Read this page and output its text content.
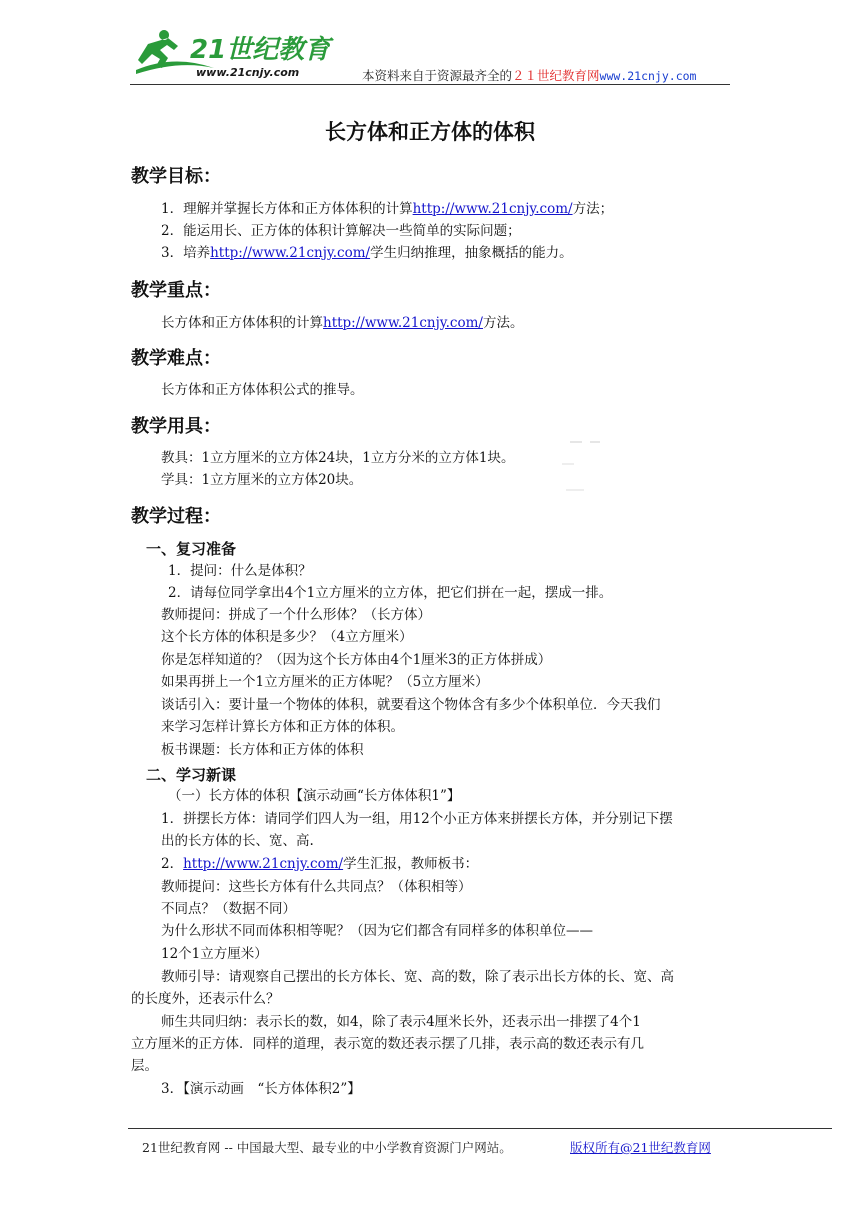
21世纪教育
www.21cnjy.com	本资料来自于资源最齐全的２１世纪教育网www.21cnjy.com
长方体和正方体的体积
教学目标：
1．理解并掌握长方体和正方体体积的计算http://www.21cnjy.com/方法；
2．能运用长、正方体的体积计算解决一些简单的实际问题；
3．培养http://www.21cnjy.com/学生归纳推理，抽象概括的能力。
教学重点：
长方体和正方体体积的计算http://www.21cnjy.com/方法。
教学难点：
长方体和正方体体积公式的推导。
教学用具：
教具：1立方厘米的立方体24块，1立方分米的立方体1块。
学具：1立方厘米的立方体20块。
教学过程：
一、复习准备
1．提问：什么是体积？
2．请每位同学拿出4个1立方厘米的立方体，把它们拼在一起，摆成一排。
教师提问：拼成了一个什么形体？（长方体）
这个长方体的体积是多少？（4立方厘米）
你是怎样知道的？（因为这个长方体由4个1厘米3的正方体拼成）
如果再拼上一个1立方厘米的正方体呢？（5立方厘米）
谈话引入：要计量一个物体的体积，就要看这个物体含有多少个体积单位．今天我们
来学习怎样计算长方体和正方体的体积。
板书课题：长方体和正方体的体积
二、学习新课
（一）长方体的体积【演示动画“长方体体积1”】
1．拼摆长方体：请同学们四人为一组，用12个小正方体来拼摆长方体，并分别记下摆
出的长方体的长、宽、高.
2．http://www.21cnjy.com/学生汇报，教师板书：
教师提问：这些长方体有什么共同点？（体积相等）
不同点？（数据不同）
为什么形状不同而体积相等呢？（因为它们都含有同样多的体积单位——
12个1立方厘米）
教师引导：请观察自己摆出的长方体长、宽、高的数，除了表示出长方体的长、宽、高
的长度外，还表示什么？
师生共同归纳：表示长的数，如4，除了表示4厘米长外，还表示出一排摆了4个1
立方厘米的正方体．同样的道理，表示宽的数还表示摆了几排，表示高的数还表示有几
层。
3．【演示动画　“长方体体积2”】
21世纪教育网 -- 中国最大型、最专业的中小学教育资源门户网站。	版权所有@21世纪教育网
